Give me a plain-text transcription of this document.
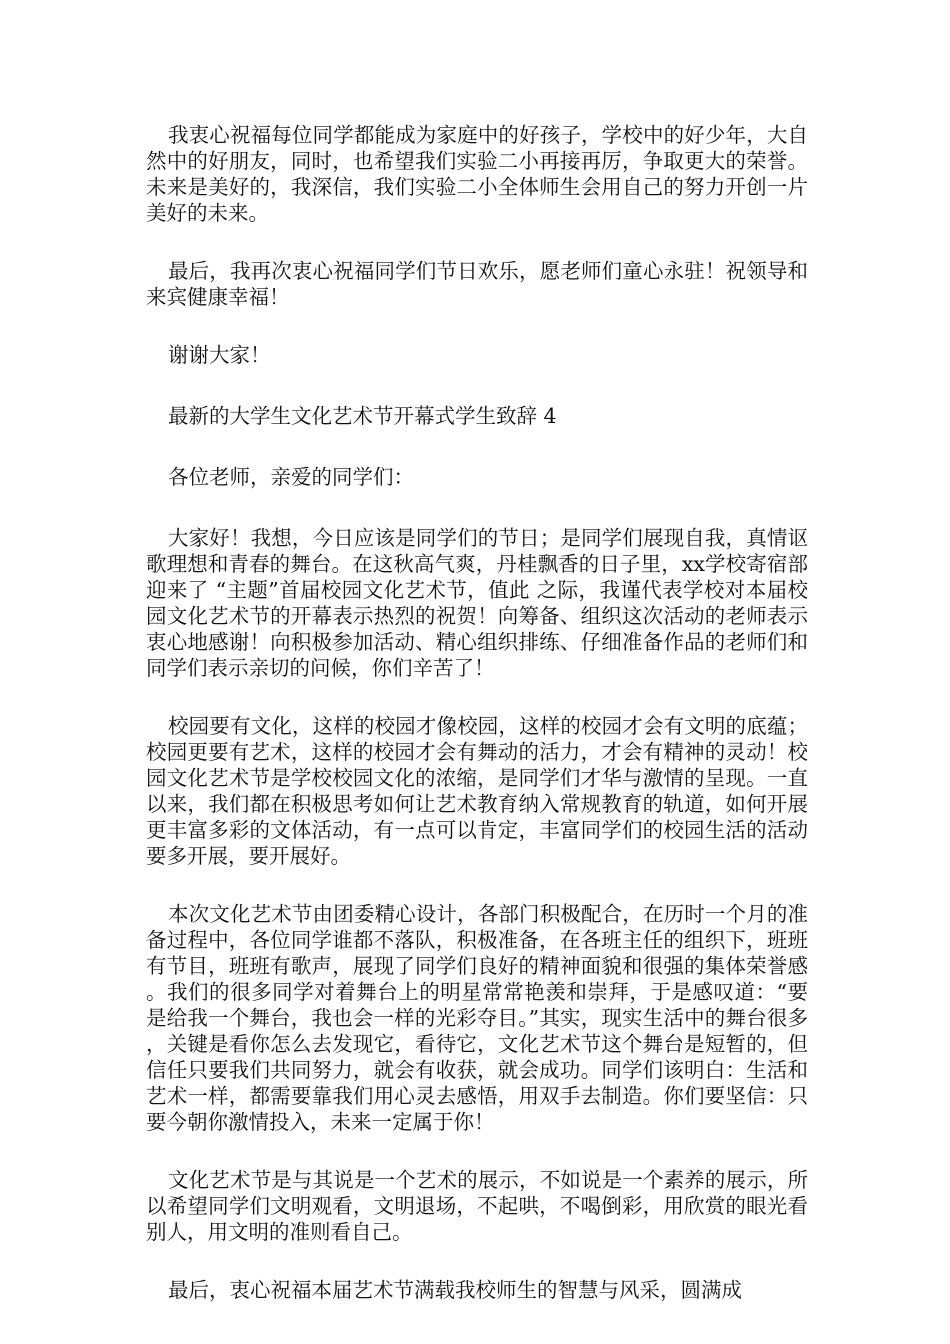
我衷心祝福每位同学都能成为家庭中的好孩子，学校中的好少年，大自然中的好朋友，同时，也希望我们实验二小再接再厉，争取更大的荣誉。未来是美好的，我深信，我们实验二小全体师生会用自己的努力开创一片美好的未来。

最后，我再次衷心祝福同学们节日欢乐，愿老师们童心永驻！祝领导和来宾健康幸福！

谢谢大家！

最新的大学生文化艺术节开幕式学生致辞 4

各位老师，亲爱的同学们：

大家好！我想，今日应该是同学们的节日；是同学们展现自我，真情讴歌理想和青春的舞台。在这秋高气爽，丹桂飘香的日子里，xx学校寄宿部迎来了 “主题”首届校园文化艺术节，值此 之际，我谨代表学校对本届校园文化艺术节的开幕表示热烈的祝贺！向筹备、组织这次活动的老师表示衷心地感谢！向积极参加活动、精心组织排练、仔细准备作品的老师们和同学们表示亲切的问候，你们辛苦了！

校园要有文化，这样的校园才像校园，这样的校园才会有文明的底蕴；校园更要有艺术，这样的校园才会有舞动的活力，才会有精神的灵动！校园文化艺术节是学校校园文化的浓缩，是同学们才华与激情的呈现。一直以来，我们都在积极思考如何让艺术教育纳入常规教育的轨道，如何开展更丰富多彩的文体活动，有一点可以肯定，丰富同学们的校园生活的活动要多开展，要开展好。

本次文化艺术节由团委精心设计，各部门积极配合，在历时一个月的准备过程中，各位同学谁都不落队，积极准备，在各班主任的组织下，班班有节目，班班有歌声，展现了同学们良好的精神面貌和很强的集体荣誉感。我们的很多同学对着舞台上的明星常常艳羡和崇拜，于是感叹道：“要是给我一个舞台，我也会一样的光彩夺目。”其实，现实生活中的舞台很多，关键是看你怎么去发现它，看待它，文化艺术节这个舞台是短暂的，但信任只要我们共同努力，就会有收获，就会成功。同学们该明白：生活和艺术一样，都需要靠我们用心灵去感悟，用双手去制造。你们要坚信：只要今朝你激情投入，未来一定属于你！

文化艺术节是与其说是一个艺术的展示，不如说是一个素养的展示，所以希望同学们文明观看，文明退场，不起哄，不喝倒彩，用欣赏的眼光看别人，用文明的准则看自己。

最后，衷心祝福本届艺术节满载我校师生的智慧与风采，圆满成
